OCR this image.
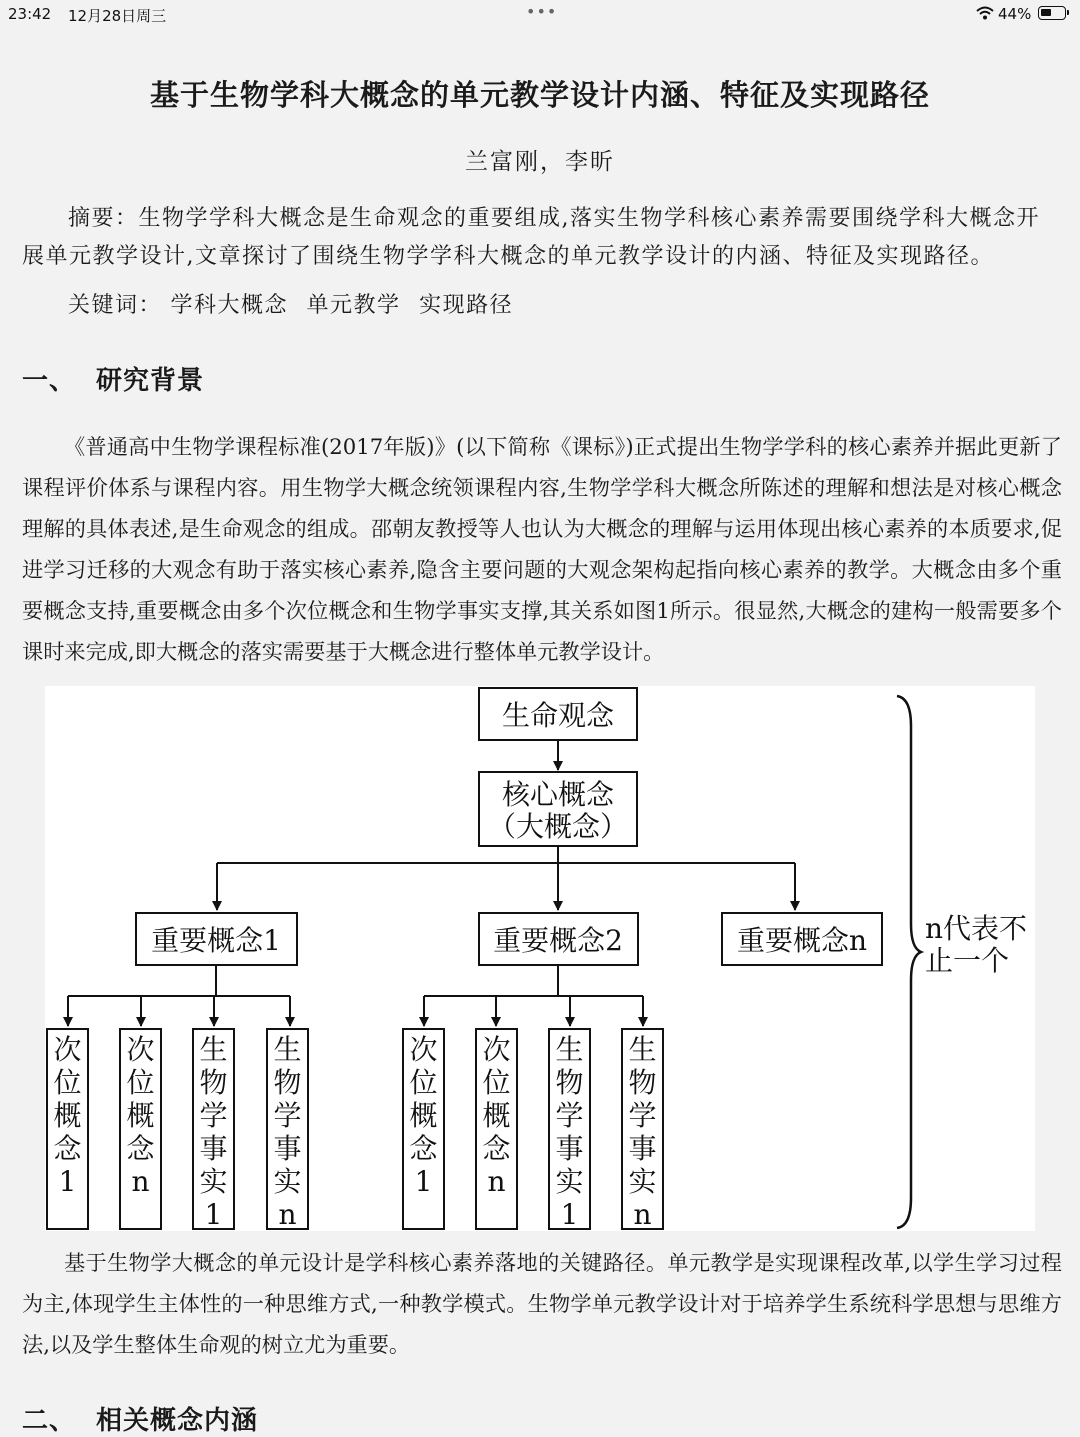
23:42 12月28日周三	•••	44%
基于生物学科大概念的单元教学设计内涵、特征及实现路径
兰富刚，李昕

摘要：生物学学科大概念是生命观念的重要组成,落实生物学科核心素养需要围绕学科大概念开展单元教学设计,文章探讨了围绕生物学学科大概念的单元教学设计的内涵、特征及实现路径。

关键词： 学科大概念 单元教学 实现路径
一、 研究背景

《普通高中生物学课程标准(2017年版)》(以下简称《课标》)正式提出生物学学科的核心素养并据此更新了课程评价体系与课程内容。用生物学大概念统领课程内容,生物学学科大概念所陈述的理解和想法是对核心概念理解的具体表述,是生命观念的组成。邵朝友教授等人也认为大概念的理解与运用体现出核心素养的本质要求,促进学习迁移的大观念有助于落实核心素养,隐含主要问题的大观念架构起指向核心素养的教学。大概念由多个重要概念支持,重要概念由多个次位概念和生物学事实支撑,其关系如图1所示。很显然,大概念的建构一般需要多个课时来完成,即大概念的落实需要基于大概念进行整体单元教学设计。

生命观念
核心概念
（大概念）
重要概念1	重要概念2	重要概念n
次位概念 1
次位概念 n
生物学事实 1
生物学事实 n
次位概念 1
次位概念 n
生物学事实 1
生物学事实 n
n代表不
止一个

基于生物学大概念的单元设计是学科核心素养落地的关键路径。单元教学是实现课程改革,以学生学习过程为主,体现学生主体性的一种思维方式,一种教学模式。生物学单元教学设计对于培养学生系统科学思想与思维方法,以及学生整体生命观的树立尤为重要。

二、 相关概念内涵
